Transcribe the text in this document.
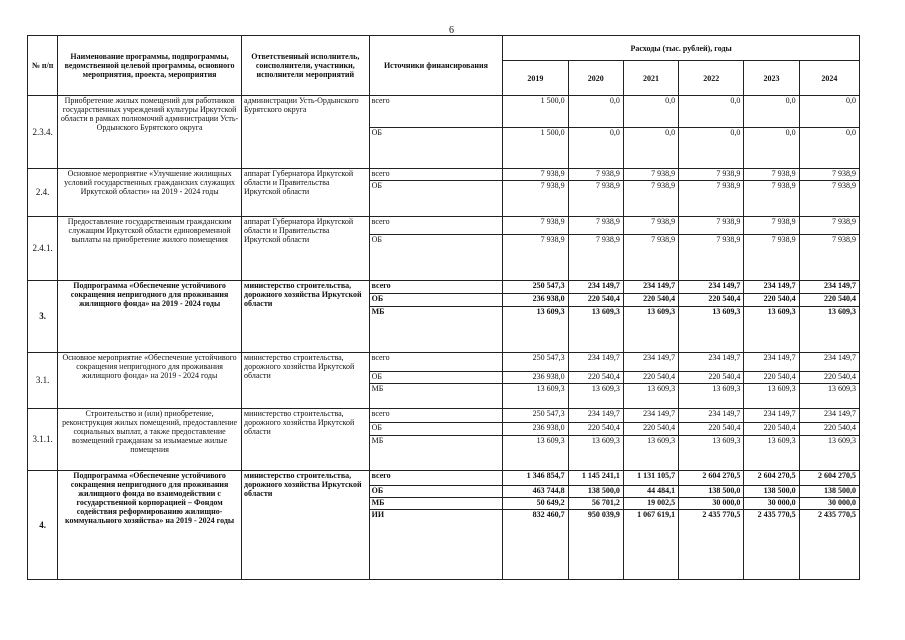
6
№ п/п	Наименование программы, подпрограммы, ведомственной целевой программы, основного мероприятия, проекта, мероприятия	Ответственный исполнитель, соисполнители, участники, исполнители мероприятий	Источники финансирования	Расходы (тыс. рублей), годы					
				2019	2020	2021	2022	2023	2024
2.3.4.	Приобретение жилых помещений для работников государственных учреждений культуры Иркутской области в рамках полномочий администрации Усть-Ордынского Бурятского округа	администрации Усть-Ордынского Бурятского округа	всего	1 500,0	0,0	0,0	0,0	0,0	0,0
			ОБ	1 500,0	0,0	0,0	0,0	0,0	0,0
2.4.	Основное мероприятие «Улучшение жилищных условий государственных гражданских служащих Иркутской области» на 2019 - 2024 годы	аппарат Губернатора Иркутской области и Правительства Иркутской области	всего	7 938,9	7 938,9	7 938,9	7 938,9	7 938,9	7 938,9
			ОБ	7 938,9	7 938,9	7 938,9	7 938,9	7 938,9	7 938,9
2.4.1.	Предоставление государственным гражданским служащим Иркутской области единовременной выплаты на приобретение жилого помещения	аппарат Губернатора Иркутской области и Правительства Иркутской области	всего	7 938,9	7 938,9	7 938,9	7 938,9	7 938,9	7 938,9
			ОБ	7 938,9	7 938,9	7 938,9	7 938,9	7 938,9	7 938,9
3.	Подпрограмма «Обеспечение устойчивого сокращения непригодного для проживания жилищного фонда» на 2019 - 2024 годы	министерство строительства, дорожного хозяйства Иркутской области	всего	250 547,3	234 149,7	234 149,7	234 149,7	234 149,7	234 149,7
			ОБ	236 938,0	220 540,4	220 540,4	220 540,4	220 540,4	220 540,4
			МБ	13 609,3	13 609,3	13 609,3	13 609,3	13 609,3	13 609,3
3.1.	Основное мероприятие «Обеспечение устойчивого сокращения непригодного для проживания жилищного фонда» на 2019 - 2024 годы	министерство строительства, дорожного хозяйства Иркутской области	всего	250 547,3	234 149,7	234 149,7	234 149,7	234 149,7	234 149,7
			ОБ	236 938,0	220 540,4	220 540,4	220 540,4	220 540,4	220 540,4
			МБ	13 609,3	13 609,3	13 609,3	13 609,3	13 609,3	13 609,3
3.1.1.	Строительство и (или) приобретение, реконструкция жилых помещений, предоставление социальных выплат, а также предоставление возмещений гражданам за изымаемые жилые помещения	министерство строительства, дорожного хозяйства Иркутской области	всего	250 547,3	234 149,7	234 149,7	234 149,7	234 149,7	234 149,7
			ОБ	236 938,0	220 540,4	220 540,4	220 540,4	220 540,4	220 540,4
			МБ	13 609,3	13 609,3	13 609,3	13 609,3	13 609,3	13 609,3
4.	Подпрограмма «Обеспечение устойчивого сокращения непригодного для проживания жилищного фонда во взаимодействии с государственной корпорацией – Фондом содействия реформированию жилищно-коммунального хозяйства» на 2019 - 2024 годы	министерство строительства, дорожного хозяйства Иркутской области	всего	1 346 854,7	1 145 241,1	1 131 105,7	2 604 270,5	2 604 270,5	2 604 270,5
			ОБ	463 744,8	138 500,0	44 484,1	138 500,0	138 500,0	138 500,0
			МБ	50 649,2	56 701,2	19 002,5	30 000,0	30 000,0	30 000,0
			ИИ	832 460,7	950 039,9	1 067 619,1	2 435 770,5	2 435 770,5	2 435 770,5
